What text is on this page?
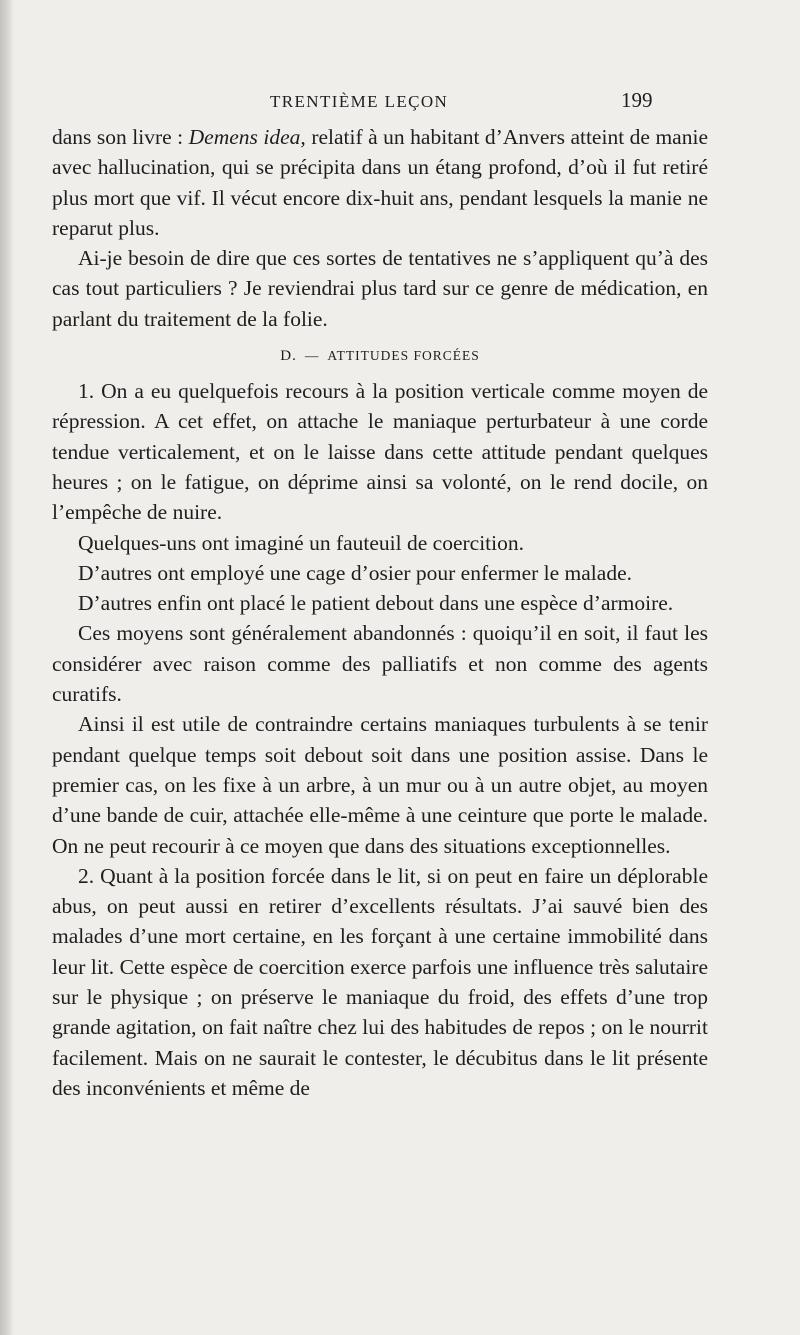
TRENTIÈME LEÇON	199

dans son livre : Demens idea, relatif à un habitant d’Anvers atteint de manie avec hallucination, qui se précipita dans un étang profond, d’où il fut retiré plus mort que vif. Il vécut encore dix-huit ans, pendant lesquels la manie ne reparut plus.

Ai-je besoin de dire que ces sortes de tentatives ne s’appliquent qu’à des cas tout particuliers ? Je reviendrai plus tard sur ce genre de médication, en parlant du traitement de la folie.

D. — ATTITUDES FORCÉES

1. On a eu quelquefois recours à la position verticale comme moyen de répression. A cet effet, on attache le maniaque perturbateur à une corde tendue verticalement, et on le laisse dans cette attitude pendant quelques heures ; on le fatigue, on déprime ainsi sa volonté, on le rend docile, on l’empêche de nuire.

Quelques-uns ont imaginé un fauteuil de coercition.

D’autres ont employé une cage d’osier pour enfermer le malade.

D’autres enfin ont placé le patient debout dans une espèce d’armoire.

Ces moyens sont généralement abandonnés : quoiqu’il en soit, il faut les considérer avec raison comme des palliatifs et non comme des agents curatifs.

Ainsi il est utile de contraindre certains maniaques turbulents à se tenir pendant quelque temps soit debout soit dans une position assise. Dans le premier cas, on les fixe à un arbre, à un mur ou à un autre objet, au moyen d’une bande de cuir, attachée elle-même à une ceinture que porte le malade. On ne peut recourir à ce moyen que dans des situations exceptionnelles.

2. Quant à la position forcée dans le lit, si on peut en faire un déplorable abus, on peut aussi en retirer d’excellents résultats. J’ai sauvé bien des malades d’une mort certaine, en les forçant à une certaine immobilité dans leur lit. Cette espèce de coercition exerce parfois une influence très salutaire sur le physique ; on préserve le maniaque du froid, des effets d’une trop grande agitation, on fait naître chez lui des habitudes de repos ; on le nourrit facilement. Mais on ne saurait le contester, le décubitus dans le lit présente des inconvénients et même de
